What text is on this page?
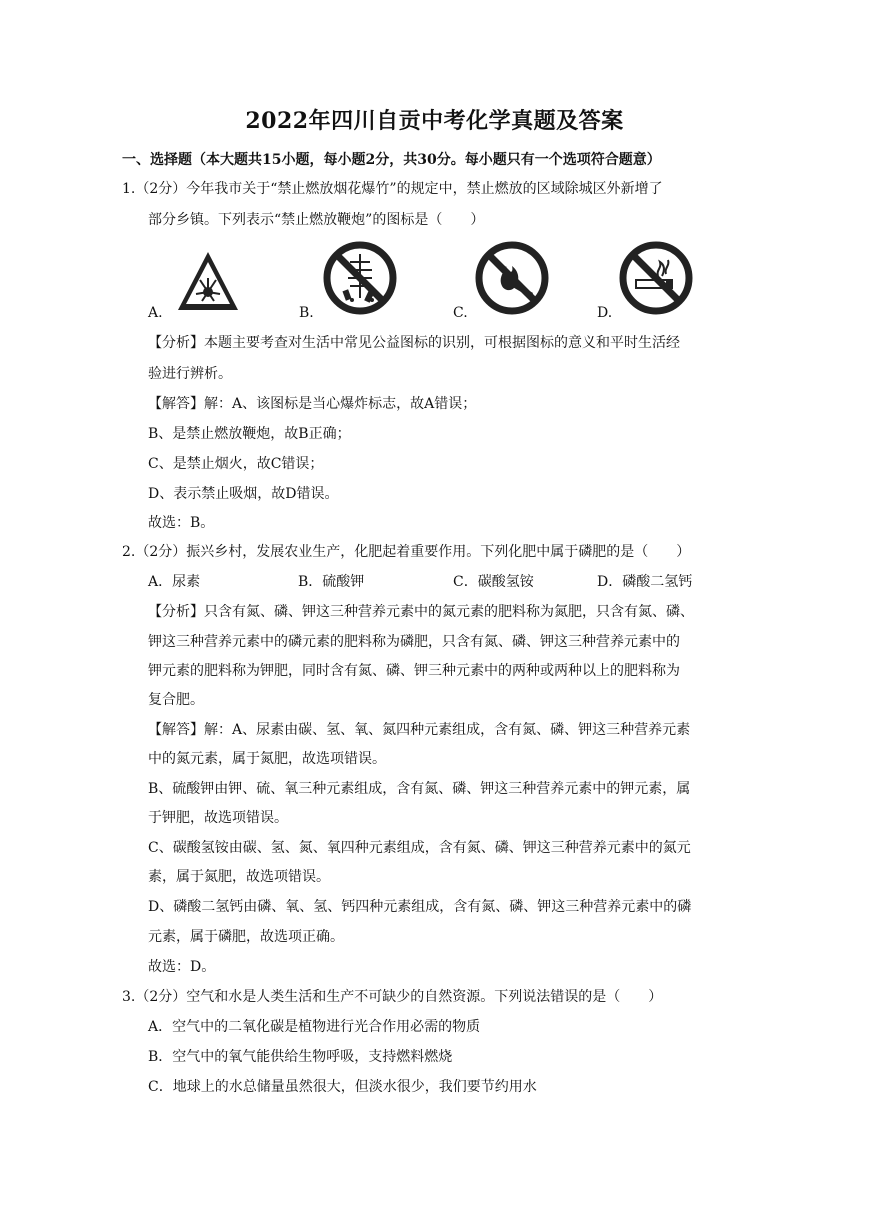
2022年四川自贡中考化学真题及答案
一、选择题（本大题共15小题，每小题2分，共30分。每小题只有一个选项符合题意）
1.（2分）今年我市关于“禁止燃放烟花爆竹”的规定中，禁止燃放的区域除城区外新增了
部分乡镇。下列表示“禁止燃放鞭炮”的图标是（　　）
A.	B.	C.	D.
【分析】本题主要考查对生活中常见公益图标的识别，可根据图标的意义和平时生活经
验进行辨析。
【解答】解：A、该图标是当心爆炸标志，故A错误；
B、是禁止燃放鞭炮，故B正确；
C、是禁止烟火，故C错误；
D、表示禁止吸烟，故D错误。
故选：B。
2.（2分）振兴乡村，发展农业生产，化肥起着重要作用。下列化肥中属于磷肥的是（　　）
A．尿素	B．硫酸钾	C．碳酸氢铵	D．磷酸二氢钙
【分析】只含有氮、磷、钾这三种营养元素中的氮元素的肥料称为氮肥，只含有氮、磷、
钾这三种营养元素中的磷元素的肥料称为磷肥，只含有氮、磷、钾这三种营养元素中的
钾元素的肥料称为钾肥，同时含有氮、磷、钾三种元素中的两种或两种以上的肥料称为
复合肥。
【解答】解：A、尿素由碳、氢、氧、氮四种元素组成，含有氮、磷、钾这三种营养元素
中的氮元素，属于氮肥，故选项错误。
B、硫酸钾由钾、硫、氧三种元素组成，含有氮、磷、钾这三种营养元素中的钾元素，属
于钾肥，故选项错误。
C、碳酸氢铵由碳、氢、氮、氧四种元素组成，含有氮、磷、钾这三种营养元素中的氮元
素，属于氮肥，故选项错误。
D、磷酸二氢钙由磷、氧、氢、钙四种元素组成，含有氮、磷、钾这三种营养元素中的磷
元素，属于磷肥，故选项正确。
故选：D。
3.（2分）空气和水是人类生活和生产不可缺少的自然资源。下列说法错误的是（　　）
A．空气中的二氧化碳是植物进行光合作用必需的物质
B．空气中的氧气能供给生物呼吸，支持燃料燃烧
C．地球上的水总储量虽然很大，但淡水很少，我们要节约用水
